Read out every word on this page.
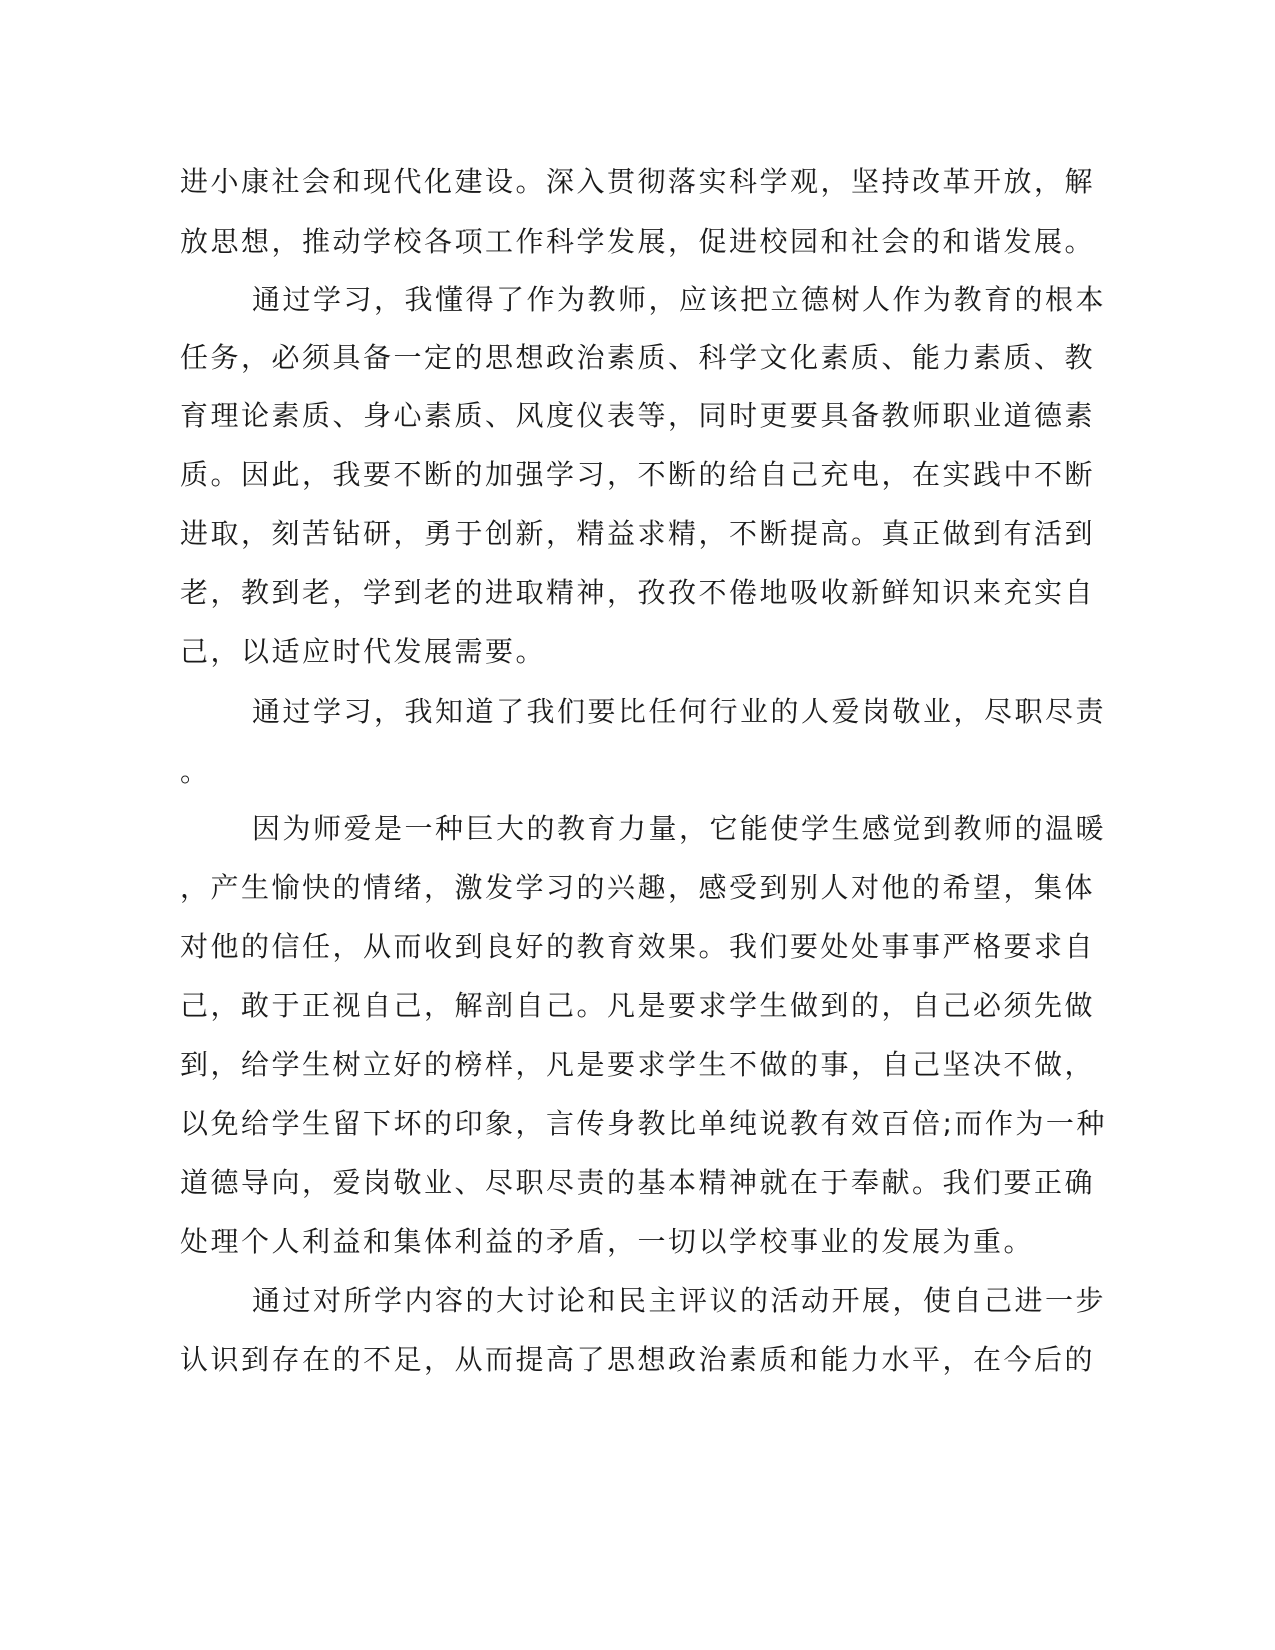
进小康社会和现代化建设。深入贯彻落实科学观，坚持改革开放，解
放思想，推动学校各项工作科学发展，促进校园和社会的和谐发展。
通过学习，我懂得了作为教师，应该把立德树人作为教育的根本
任务，必须具备一定的思想政治素质、科学文化素质、能力素质、教
育理论素质、身心素质、风度仪表等，同时更要具备教师职业道德素
质。因此，我要不断的加强学习，不断的给自己充电，在实践中不断
进取，刻苦钻研，勇于创新，精益求精，不断提高。真正做到有活到
老，教到老，学到老的进取精神，孜孜不倦地吸收新鲜知识来充实自
己，以适应时代发展需要。
通过学习，我知道了我们要比任何行业的人爱岗敬业，尽职尽责
。
因为师爱是一种巨大的教育力量，它能使学生感觉到教师的温暖
，产生愉快的情绪，激发学习的兴趣，感受到别人对他的希望，集体
对他的信任，从而收到良好的教育效果。我们要处处事事严格要求自
己，敢于正视自己，解剖自己。凡是要求学生做到的，自己必须先做
到，给学生树立好的榜样，凡是要求学生不做的事，自己坚决不做，
以免给学生留下坏的印象，言传身教比单纯说教有效百倍;而作为一种
道德导向，爱岗敬业、尽职尽责的基本精神就在于奉献。我们要正确
处理个人利益和集体利益的矛盾，一切以学校事业的发展为重。
通过对所学内容的大讨论和民主评议的活动开展，使自己进一步
认识到存在的不足，从而提高了思想政治素质和能力水平，在今后的
